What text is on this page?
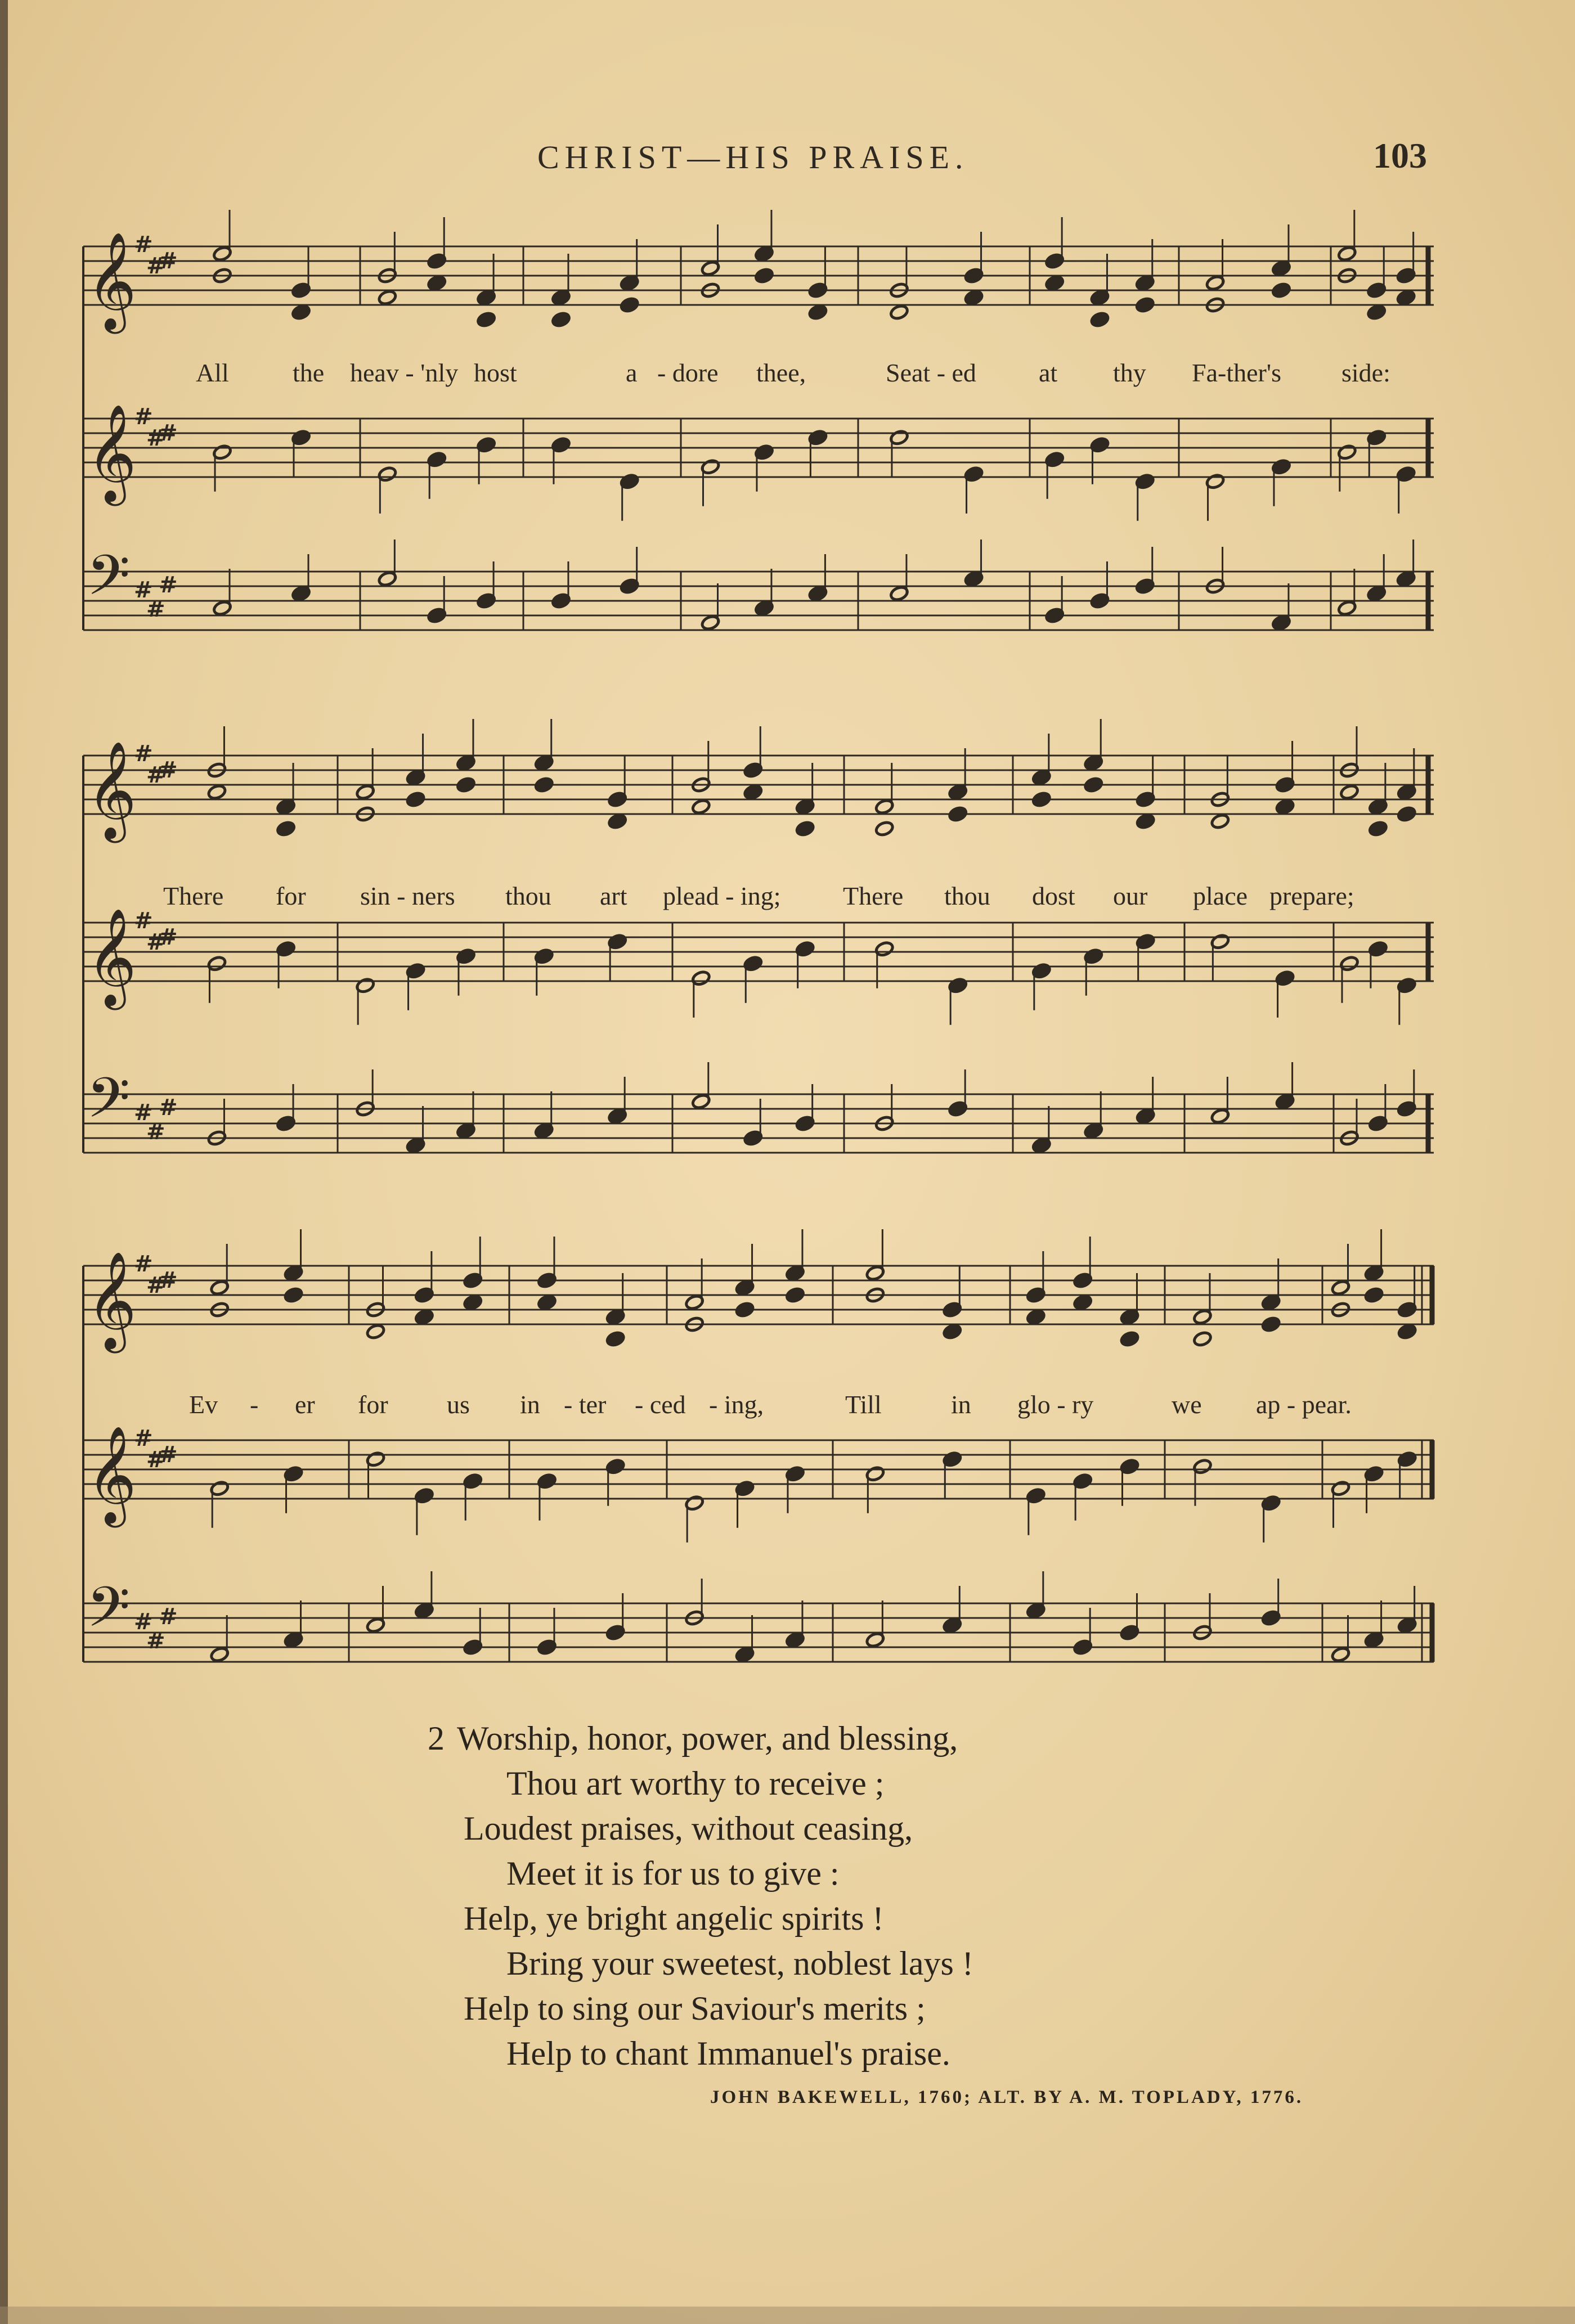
CHRIST—HIS PRAISE.	103
𝄞
#
#
#
𝄞
#
#
#
𝄢 #
#
#
𝄞
#
#
#
𝄞
#
#
#
𝄢 #
#
#
𝄞
#
#
#
𝄞
#
#
#
𝄢 #
#
#
All the heav - 'nly host	a - dore thee,	Seat - ed at thy Fa-ther's side:
There for sin - ners thou art plead - ing; There thou dost our place prepare;
Ev - er for us in - ter - ced - ing,	Till	in glo - ry	we ap - pear.
2 Worship, honor, power, and blessing,
Thou art worthy to receive ;
Loudest praises, without ceasing,
Meet it is for us to give :
Help, ye bright angelic spirits !
Bring your sweetest, noblest lays !
Help to sing our Saviour's merits ;
Help to chant Immanuel's praise.
JOHN BAKEWELL, 1760; ALT. BY A. M. TOPLADY, 1776.
